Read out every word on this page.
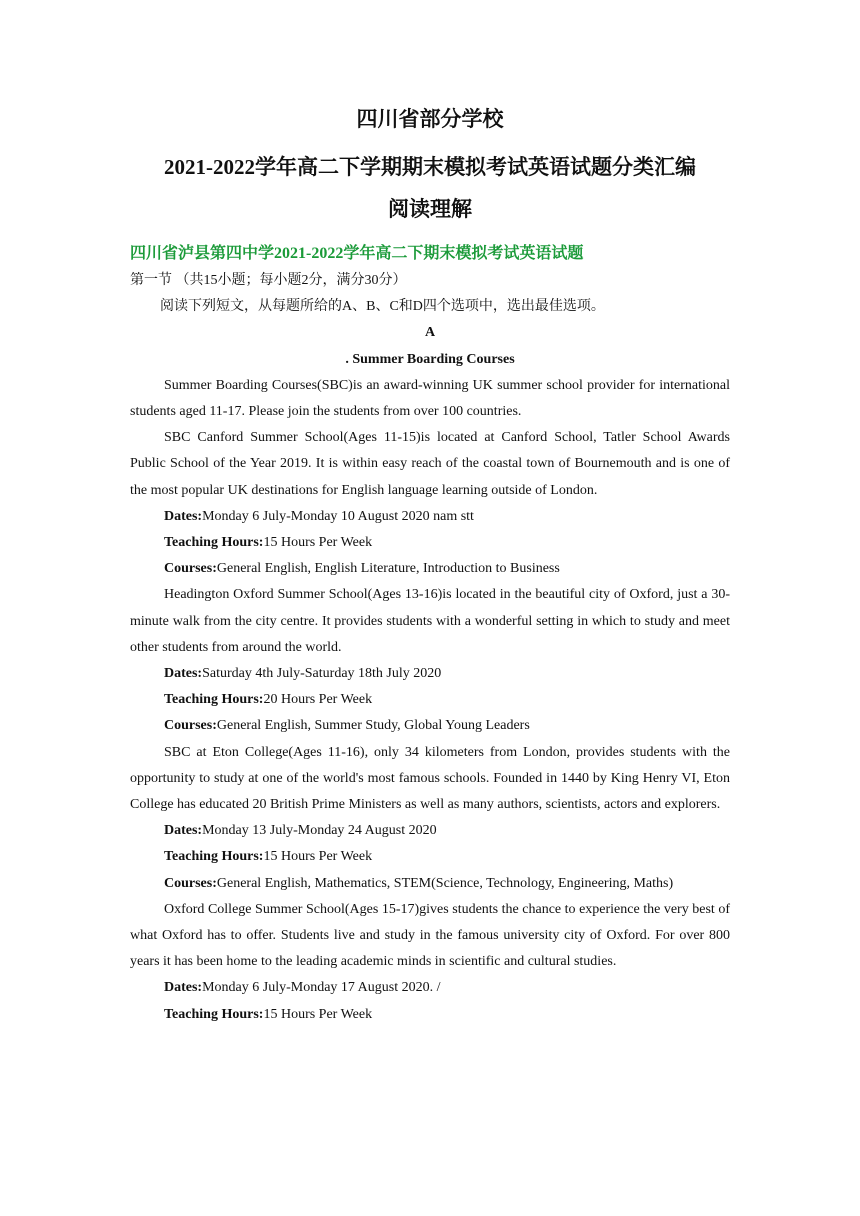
四川省部分学校
2021-2022学年高二下学期期末模拟考试英语试题分类汇编
阅读理解
四川省泸县第四中学2021-2022学年高二下期末模拟考试英语试题

第一节 （共15小题；每小题2分，满分30分）

阅读下列短文，从每题所给的A、B、C和D四个选项中，选出最佳选项。

A

. Summer Boarding Courses

Summer Boarding Courses(SBC)is an award-winning UK summer school provider for international students aged 11-17. Please join the students from over 100 countries.

SBC Canford Summer School(Ages 11-15)is located at Canford School, Tatler School Awards Public School of the Year 2019. It is within easy reach of the coastal town of Bournemouth and is one of the most popular UK destinations for English language learning outside of London.

Dates:Monday 6 July-Monday 10 August 2020 nam stt

Teaching Hours:15 Hours Per Week

Courses:General English, English Literature, Introduction to Business

Headington Oxford Summer School(Ages 13-16)is located in the beautiful city of Oxford, just a 30-minute walk from the city centre. It provides students with a wonderful setting in which to study and meet other students from around the world.

Dates:Saturday 4th July-Saturday 18th July 2020

Teaching Hours:20 Hours Per Week

Courses:General English, Summer Study, Global Young Leaders

SBC at Eton College(Ages 11-16), only 34 kilometers from London, provides students with the opportunity to study at one of the world's most famous schools. Founded in 1440 by King Henry VI, Eton College has educated 20 British Prime Ministers as well as many authors, scientists, actors and explorers.

Dates:Monday 13 July-Monday 24 August 2020

Teaching Hours:15 Hours Per Week

Courses:General English, Mathematics, STEM(Science, Technology, Engineering, Maths)

Oxford College Summer School(Ages 15-17)gives students the chance to experience the very best of what Oxford has to offer. Students live and study in the famous university city of Oxford. For over 800 years it has been home to the leading academic minds in scientific and cultural studies.

Dates:Monday 6 July-Monday 17 August 2020. /

Teaching Hours:15 Hours Per Week
